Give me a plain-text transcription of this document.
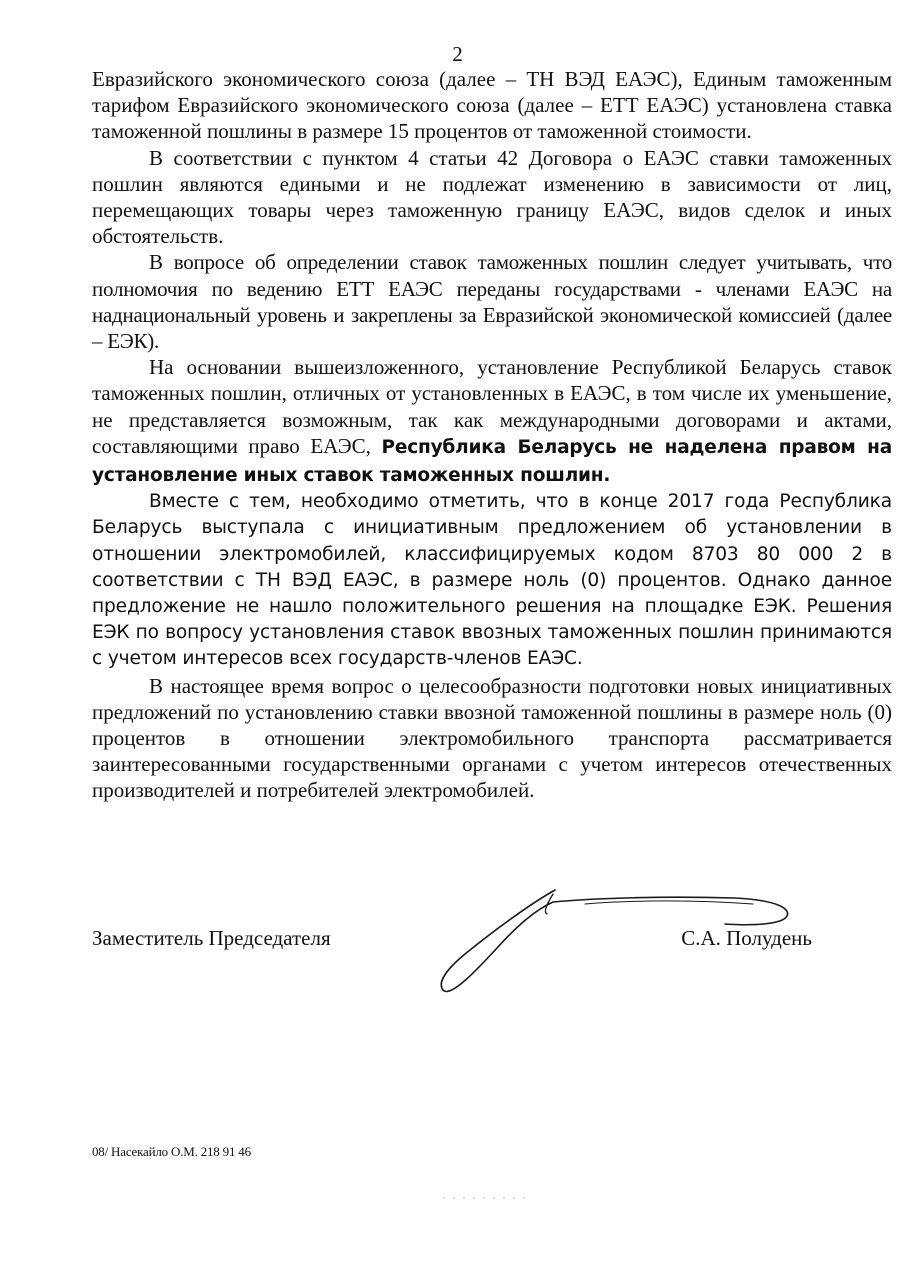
2

Евразийского экономического союза (далее – ТН ВЭД ЕАЭС), Единым таможенным тарифом Евразийского экономического союза (далее – ЕТТ ЕАЭС) установлена ставка таможенной пошлины в размере 15 процентов от таможенной стоимости.

В соответствии с пунктом 4 статьи 42 Договора о ЕАЭС ставки таможенных пошлин являются едиными и не подлежат изменению в зависимости от лиц, перемещающих товары через таможенную границу ЕАЭС, видов сделок и иных обстоятельств.

В вопросе об определении ставок таможенных пошлин следует учитывать, что полномочия по ведению ЕТТ ЕАЭС переданы государствами - членами ЕАЭС на наднациональный уровень и закреплены за Евразийской экономической комиссией (далее – ЕЭК).

На основании вышеизложенного, установление Республикой Беларусь ставок таможенных пошлин, отличных от установленных в ЕАЭС, в том числе их уменьшение, не представляется возможным, так как международными договорами и актами, составляющими право ЕАЭС, Республика Беларусь не наделена правом на установление иных ставок таможенных пошлин.

Вместе с тем, необходимо отметить, что в конце 2017 года Республика Беларусь выступала с инициативным предложением об установлении в отношении электромобилей, классифицируемых кодом 8703 80 000 2 в соответствии с ТН ВЭД ЕАЭС, в размере ноль (0) процентов. Однако данное предложение не нашло положительного решения на площадке ЕЭК. Решения ЕЭК по вопросу установления ставок ввозных таможенных пошлин принимаются с учетом интересов всех государств-членов ЕАЭС.

В настоящее время вопрос о целесообразности подготовки новых инициативных предложений по установлению ставки ввозной таможенной пошлины в размере ноль (0) процентов в отношении электромобильного транспорта рассматривается заинтересованными государственными органами с учетом интересов отечественных производителей и потребителей электромобилей.

Заместитель Председателя	С.А. Полудень
08/ Насекайло О.М. 218 91 46
